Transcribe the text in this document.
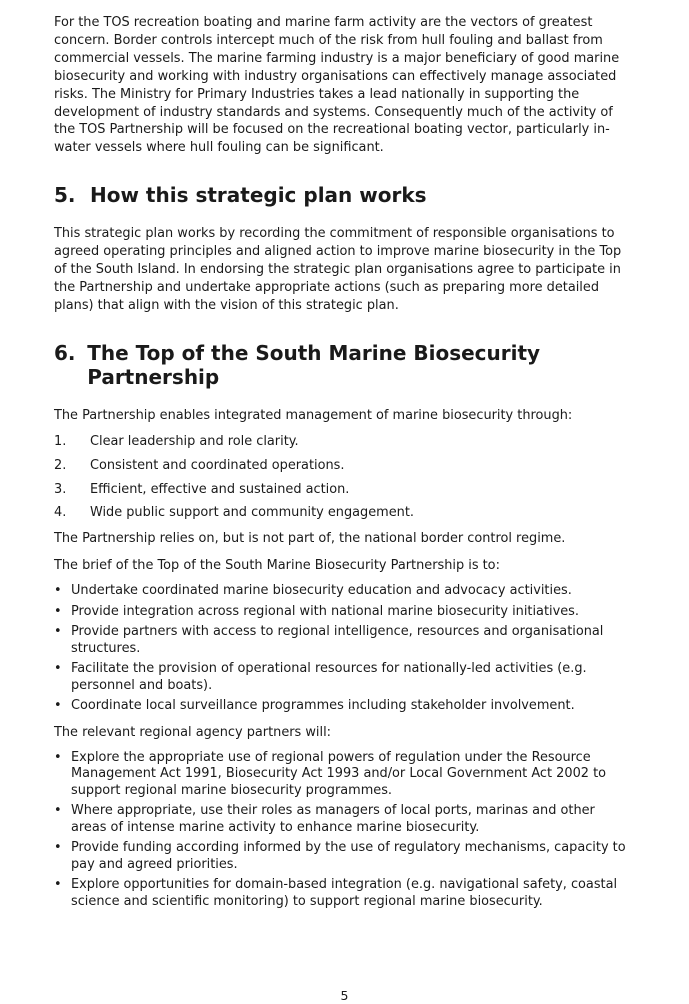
For the TOS recreation boating and marine farm activity are the vectors of greatest concern. Border controls intercept much of the risk from hull fouling and ballast from commercial vessels. The marine farming industry is a major beneficiary of good marine biosecurity and working with industry organisations can effectively manage associated risks. The Ministry for Primary Industries takes a lead nationally in supporting the development of industry standards and systems. Consequently much of the activity of the TOS Partnership will be focused on the recreational boating vector, particularly in-water vessels where hull fouling can be significant.

5. How this strategic plan works

This strategic plan works by recording the commitment of responsible organisations to agreed operating principles and aligned action to improve marine biosecurity in the Top of the South Island. In endorsing the strategic plan organisations agree to participate in the Partnership and undertake appropriate actions (such as preparing more detailed plans) that align with the vision of this strategic plan.

6. The Top of the South Marine Biosecurity Partnership

The Partnership enables integrated management of marine biosecurity through:

1.	Clear leadership and role clarity.
2.	Consistent and coordinated operations.
3.	Efficient, effective and sustained action.
4.	Wide public support and community engagement.

The Partnership relies on, but is not part of, the national border control regime.

The brief of the Top of the South Marine Biosecurity Partnership is to:

• Undertake coordinated marine biosecurity education and advocacy activities.
• Provide integration across regional with national marine biosecurity initiatives.
• Provide partners with access to regional intelligence, resources and organisational structures.
• Facilitate the provision of operational resources for nationally-led activities (e.g. personnel and boats).
• Coordinate local surveillance programmes including stakeholder involvement.

The relevant regional agency partners will:

• Explore the appropriate use of regional powers of regulation under the Resource Management Act 1991, Biosecurity Act 1993 and/or Local Government Act 2002 to support regional marine biosecurity programmes.
• Where appropriate, use their roles as managers of local ports, marinas and other areas of intense marine activity to enhance marine biosecurity.
• Provide funding according informed by the use of regulatory mechanisms, capacity to pay and agreed priorities.
• Explore opportunities for domain-based integration (e.g. navigational safety, coastal science and scientific monitoring) to support regional marine biosecurity.
5
